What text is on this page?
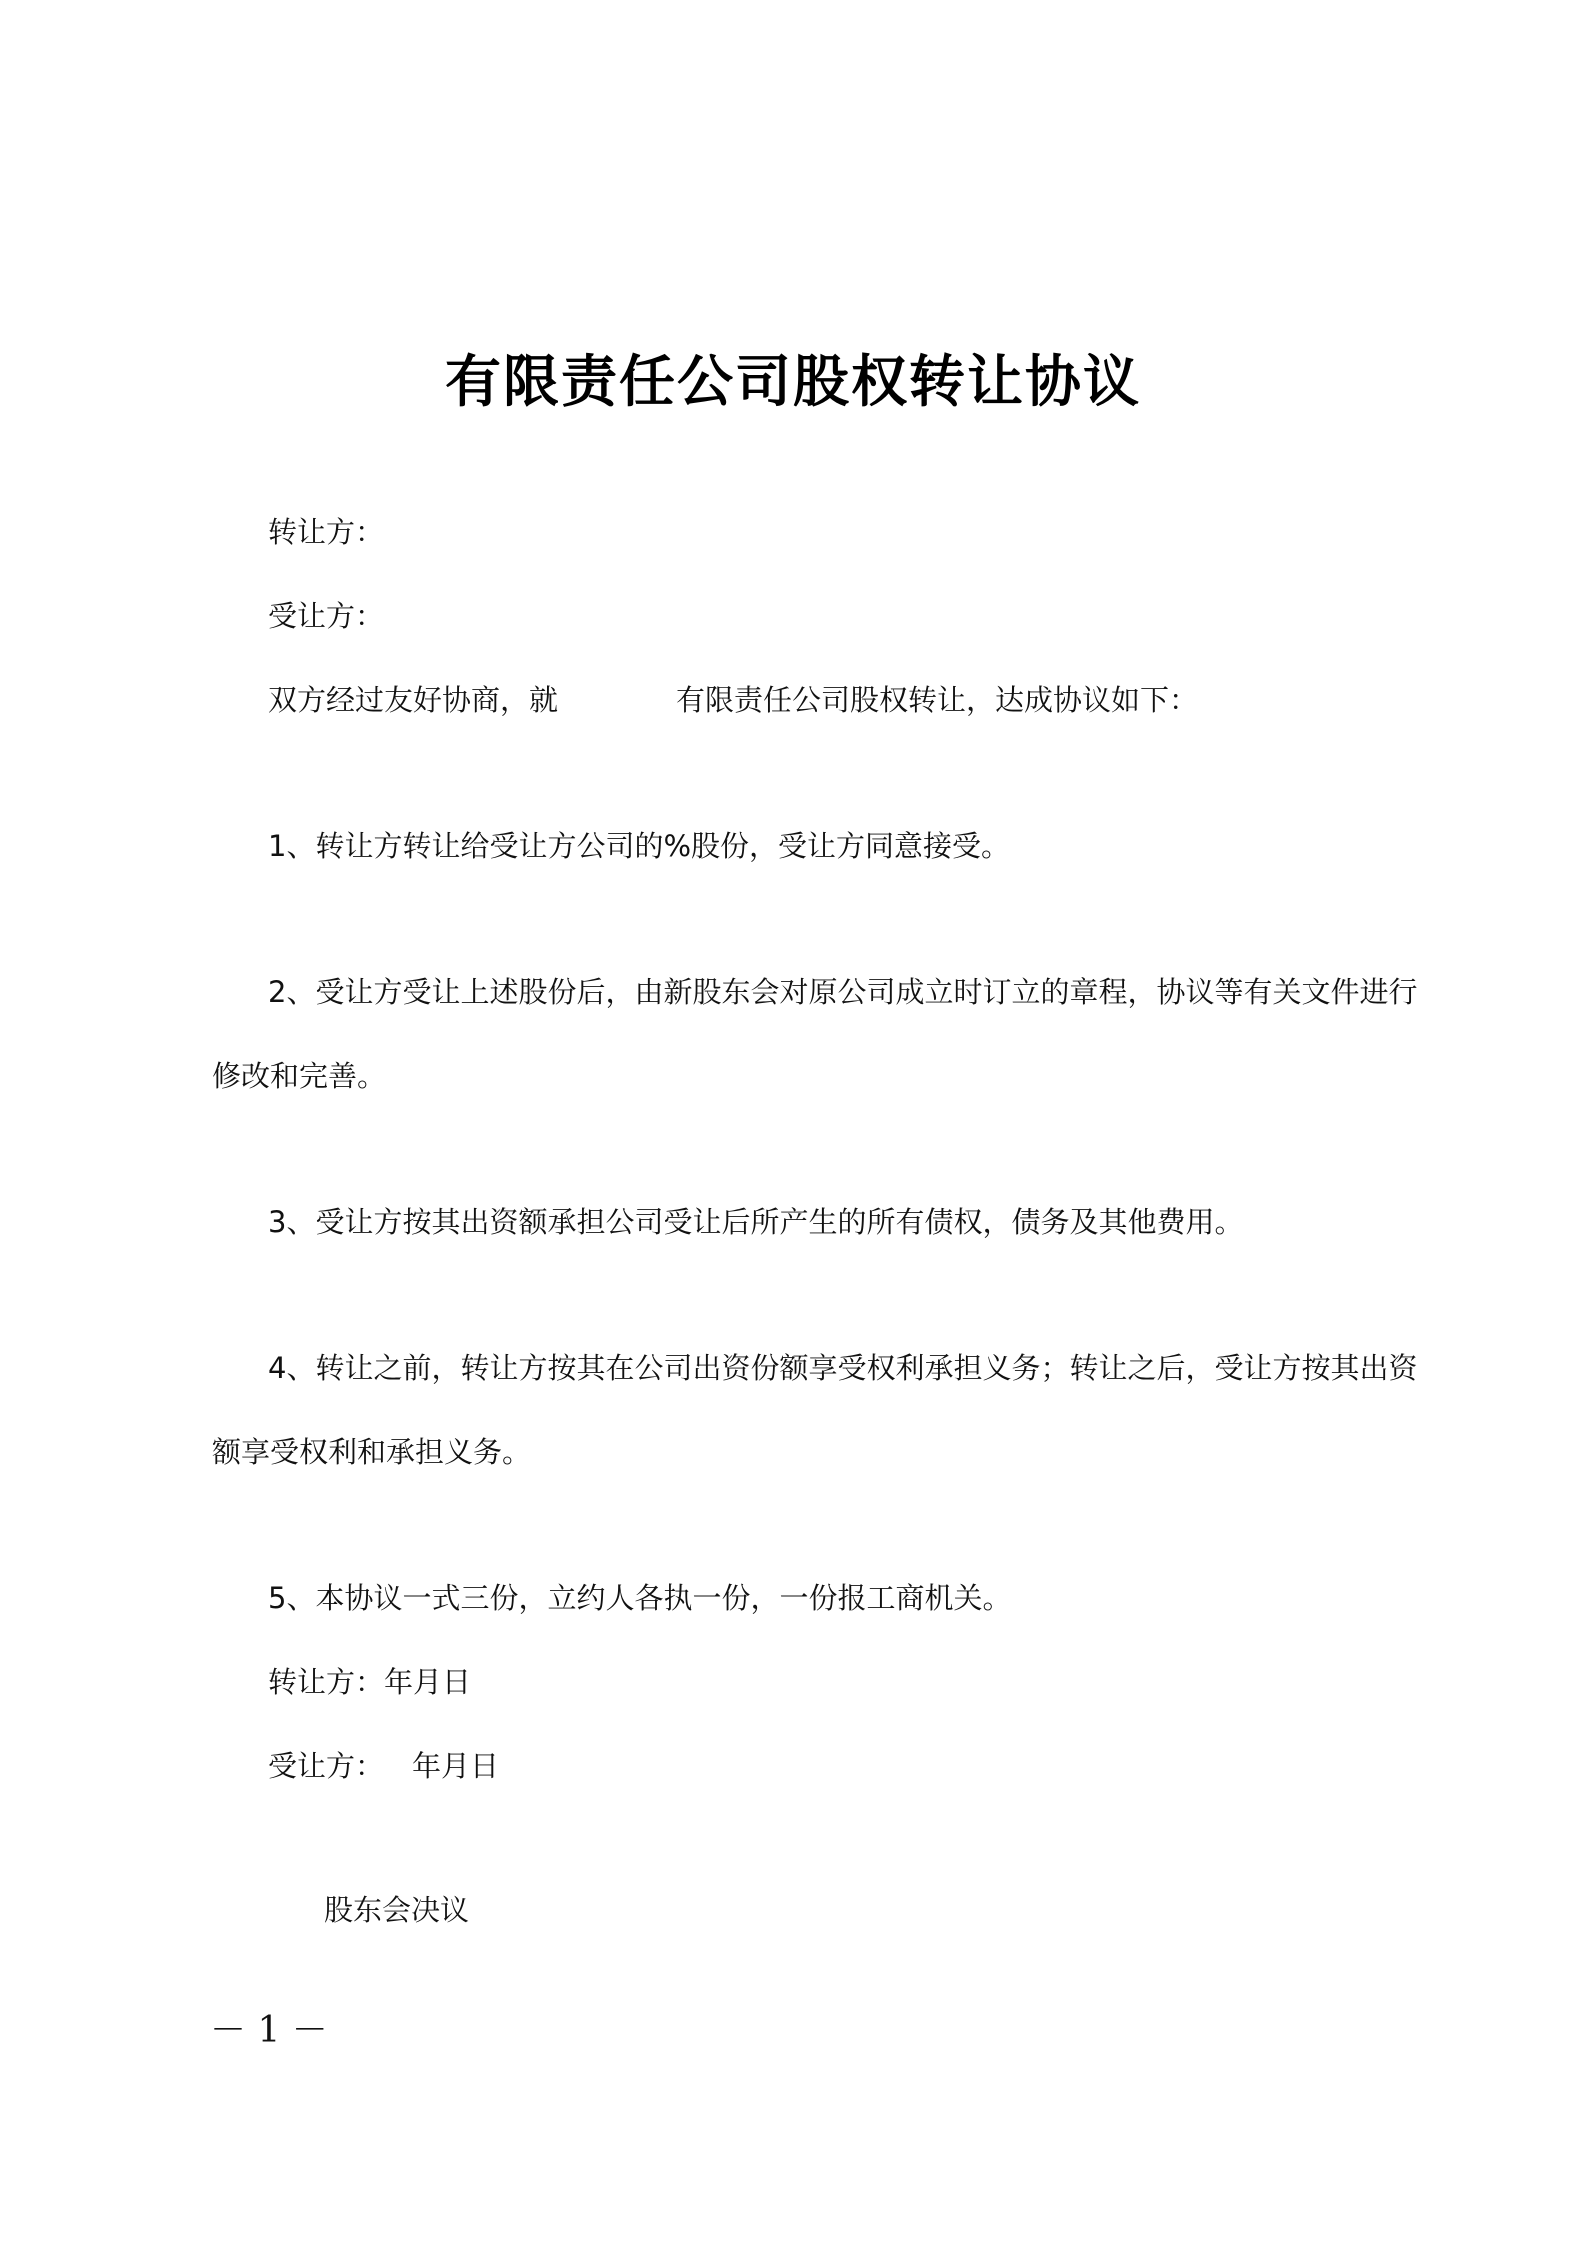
有限责任公司股权转让协议
转让方：
受让方：
双方经过友好协商，就	有限责任公司股权转让，达成协议如下：
1、转让方转让给受让方公司的%股份，受让方同意接受。
2、受让方受让上述股份后，由新股东会对原公司成立时订立的章程，协议等有关文件进行
修改和完善。
3、受让方按其出资额承担公司受让后所产生的所有债权，债务及其他费用。
4、转让之前，转让方按其在公司出资份额享受权利承担义务；转让之后，受让方按其出资
额享受权利和承担义务。
5、本协议一式三份，立约人各执一份，一份报工商机关。
转让方：年月日
受让方： 年月日
股东会决议
－ 1 －
